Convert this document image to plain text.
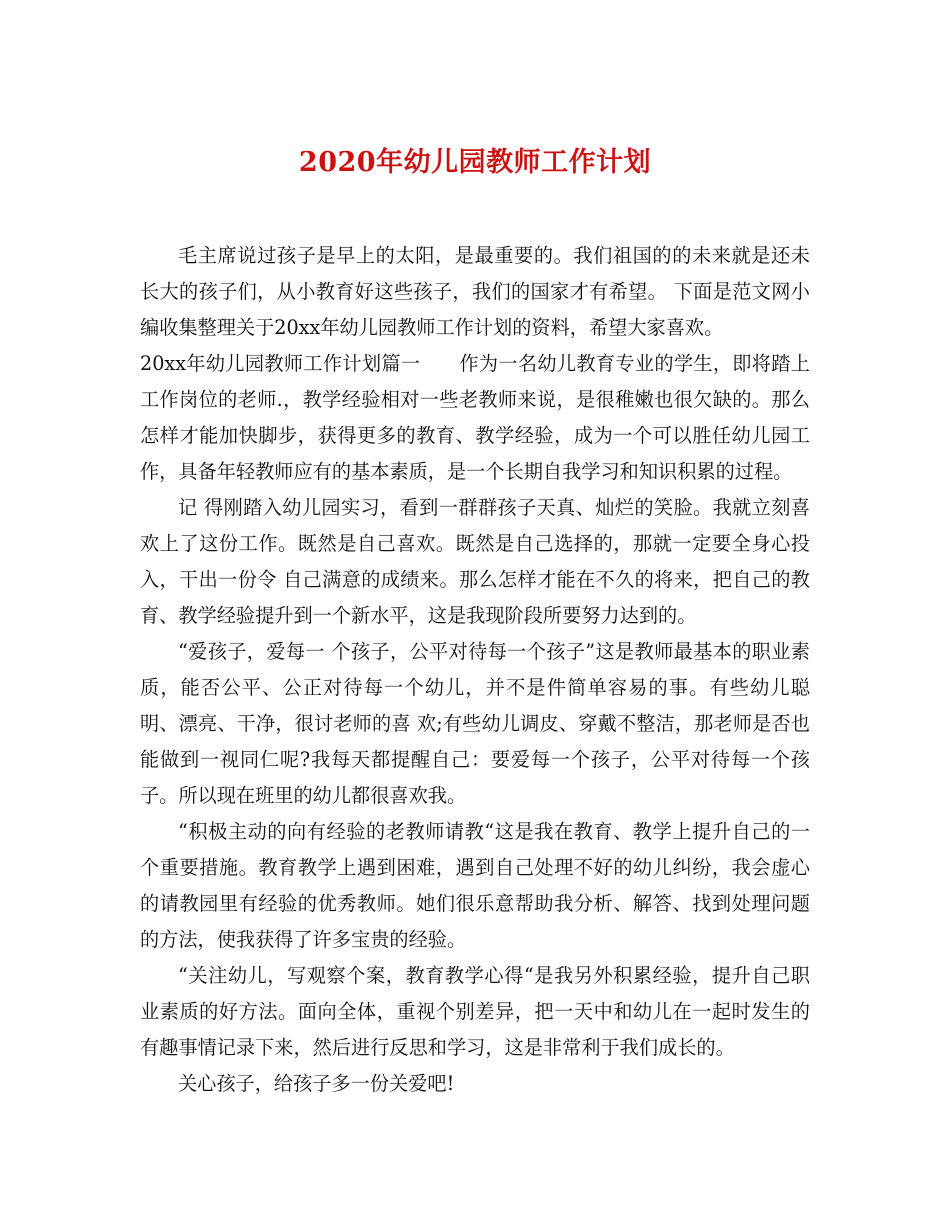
2020年幼儿园教师工作计划

毛主席说过孩子是早上的太阳，是最重要的。我们祖国的的未来就是还未长大的孩子们，从小教育好这些孩子，我们的国家才有希望。 下面是范文网小编收集整理关于20xx年幼儿园教师工作计划的资料，希望大家喜欢。

20xx年幼儿园教师工作计划篇一　　作为一名幼儿教育专业的学生，即将踏上工作岗位的老师.，教学经验相对一些老教师来说，是很稚嫩也很欠缺的。那么怎样才能加快脚步，获得更多的教育、教学经验，成为一个可以胜任幼儿园工作，具备年轻教师应有的基本素质，是一个长期自我学习和知识积累的过程。

记 得刚踏入幼儿园实习，看到一群群孩子天真、灿烂的笑脸。我就立刻喜欢上了这份工作。既然是自己喜欢。既然是自己选择的，那就一定要全身心投入，干出一份令 自己满意的成绩来。那么怎样才能在不久的将来，把自己的教育、教学经验提升到一个新水平，这是我现阶段所要努力达到的。

“爱孩子，爱每一 个孩子，公平对待每一个孩子”这是教师最基本的职业素质，能否公平、公正对待每一个幼儿，并不是件简单容易的事。有些幼儿聪明、漂亮、干净，很讨老师的喜 欢;有些幼儿调皮、穿戴不整洁，那老师是否也能做到一视同仁呢?我每天都提醒自己：要爱每一个孩子，公平对待每一个孩子。所以现在班里的幼儿都很喜欢我。

“积极主动的向有经验的老教师请教“这是我在教育、教学上提升自己的一个重要措施。教育教学上遇到困难，遇到自己处理不好的幼儿纠纷，我会虚心的请教园里有经验的优秀教师。她们很乐意帮助我分析、解答、找到处理问题的方法，使我获得了许多宝贵的经验。

“关注幼儿，写观察个案，教育教学心得“是我另外积累经验，提升自己职业素质的好方法。面向全体，重视个别差异，把一天中和幼儿在一起时发生的有趣事情记录下来，然后进行反思和学习，这是非常利于我们成长的。

关心孩子，给孩子多一份关爱吧!
